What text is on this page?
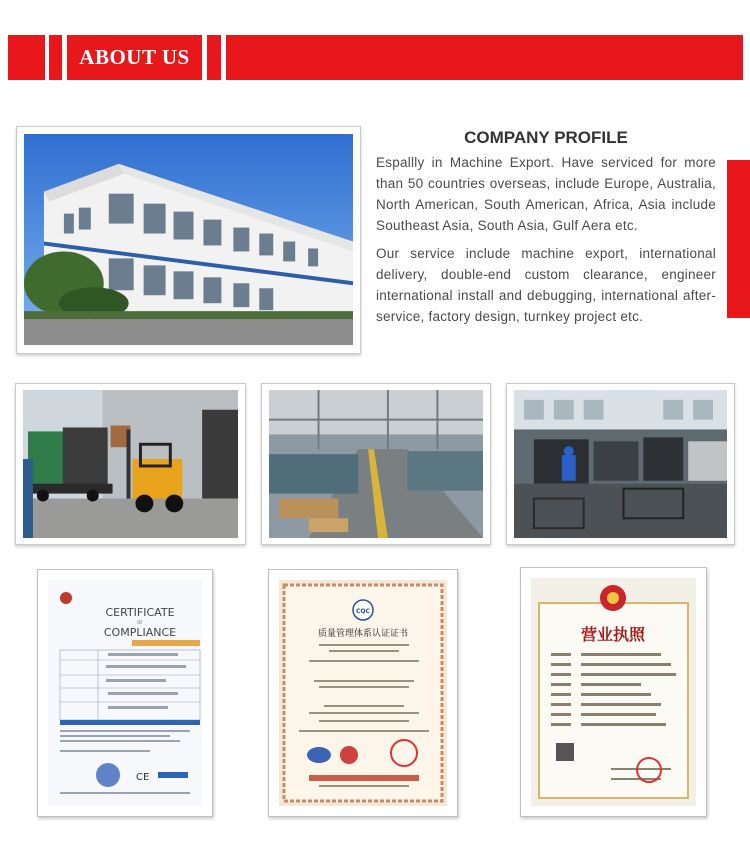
ABOUT US
COMPANY PROFILE

Espallly in Machine Export. Have serviced for more than 50 countries overseas, include Europe, Australia, North American, South American, Africa, Asia include Southeast Asia, South Asia, Gulf Aera etc.

Our service include machine export, international delivery, double-end custom clearance, engineer international install and debugging, international after-service, factory design, turnkey project etc.

CERTIFICATE
OF
COMPLIANCE
CE
CQC
质量管理体系认证证书	营业执照
